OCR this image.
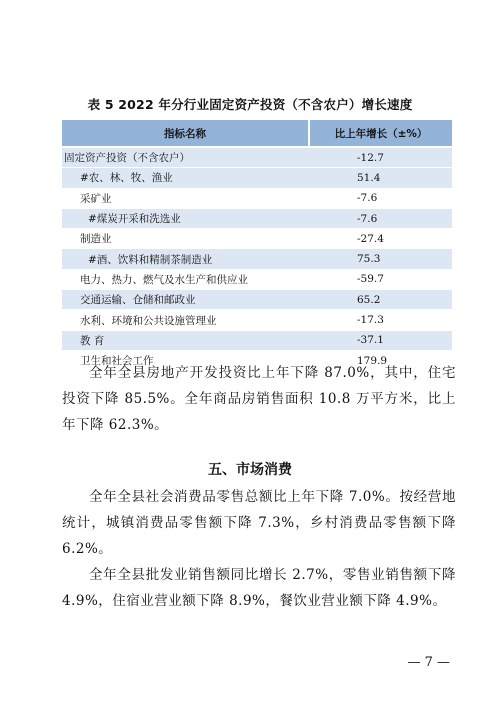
表 5 2022 年分行业固定资产投资（不含农户）增长速度
指标名称	比上年增长（±%）
固定资产投资（不含农户）	-12.7
#农、林、牧、渔业	51.4
采矿业	-7.6
#煤炭开采和洗选业	-7.6
制造业	-27.4
#酒、饮料和精制茶制造业	75.3
电力、热力、燃气及水生产和供应业	-59.7
交通运输、仓储和邮政业	65.2
水利、环境和公共设施管理业	-17.3
教 育	-37.1
卫生和社会工作	179.9

全年全县房地产开发投资比上年下降 87.0%，其中，住宅投资下降 85.5%。全年商品房销售面积 10.8 万平方米，比上年下降 62.3%。

五、市场消费

全年全县社会消费品零售总额比上年下降 7.0%。按经营地统计，城镇消费品零售额下降 7.3%，乡村消费品零售额下降 6.2%。

全年全县批发业销售额同比增长 2.7%，零售业销售额下降 4.9%，住宿业营业额下降 8.9%，餐饮业营业额下降 4.9%。

— 7 —
